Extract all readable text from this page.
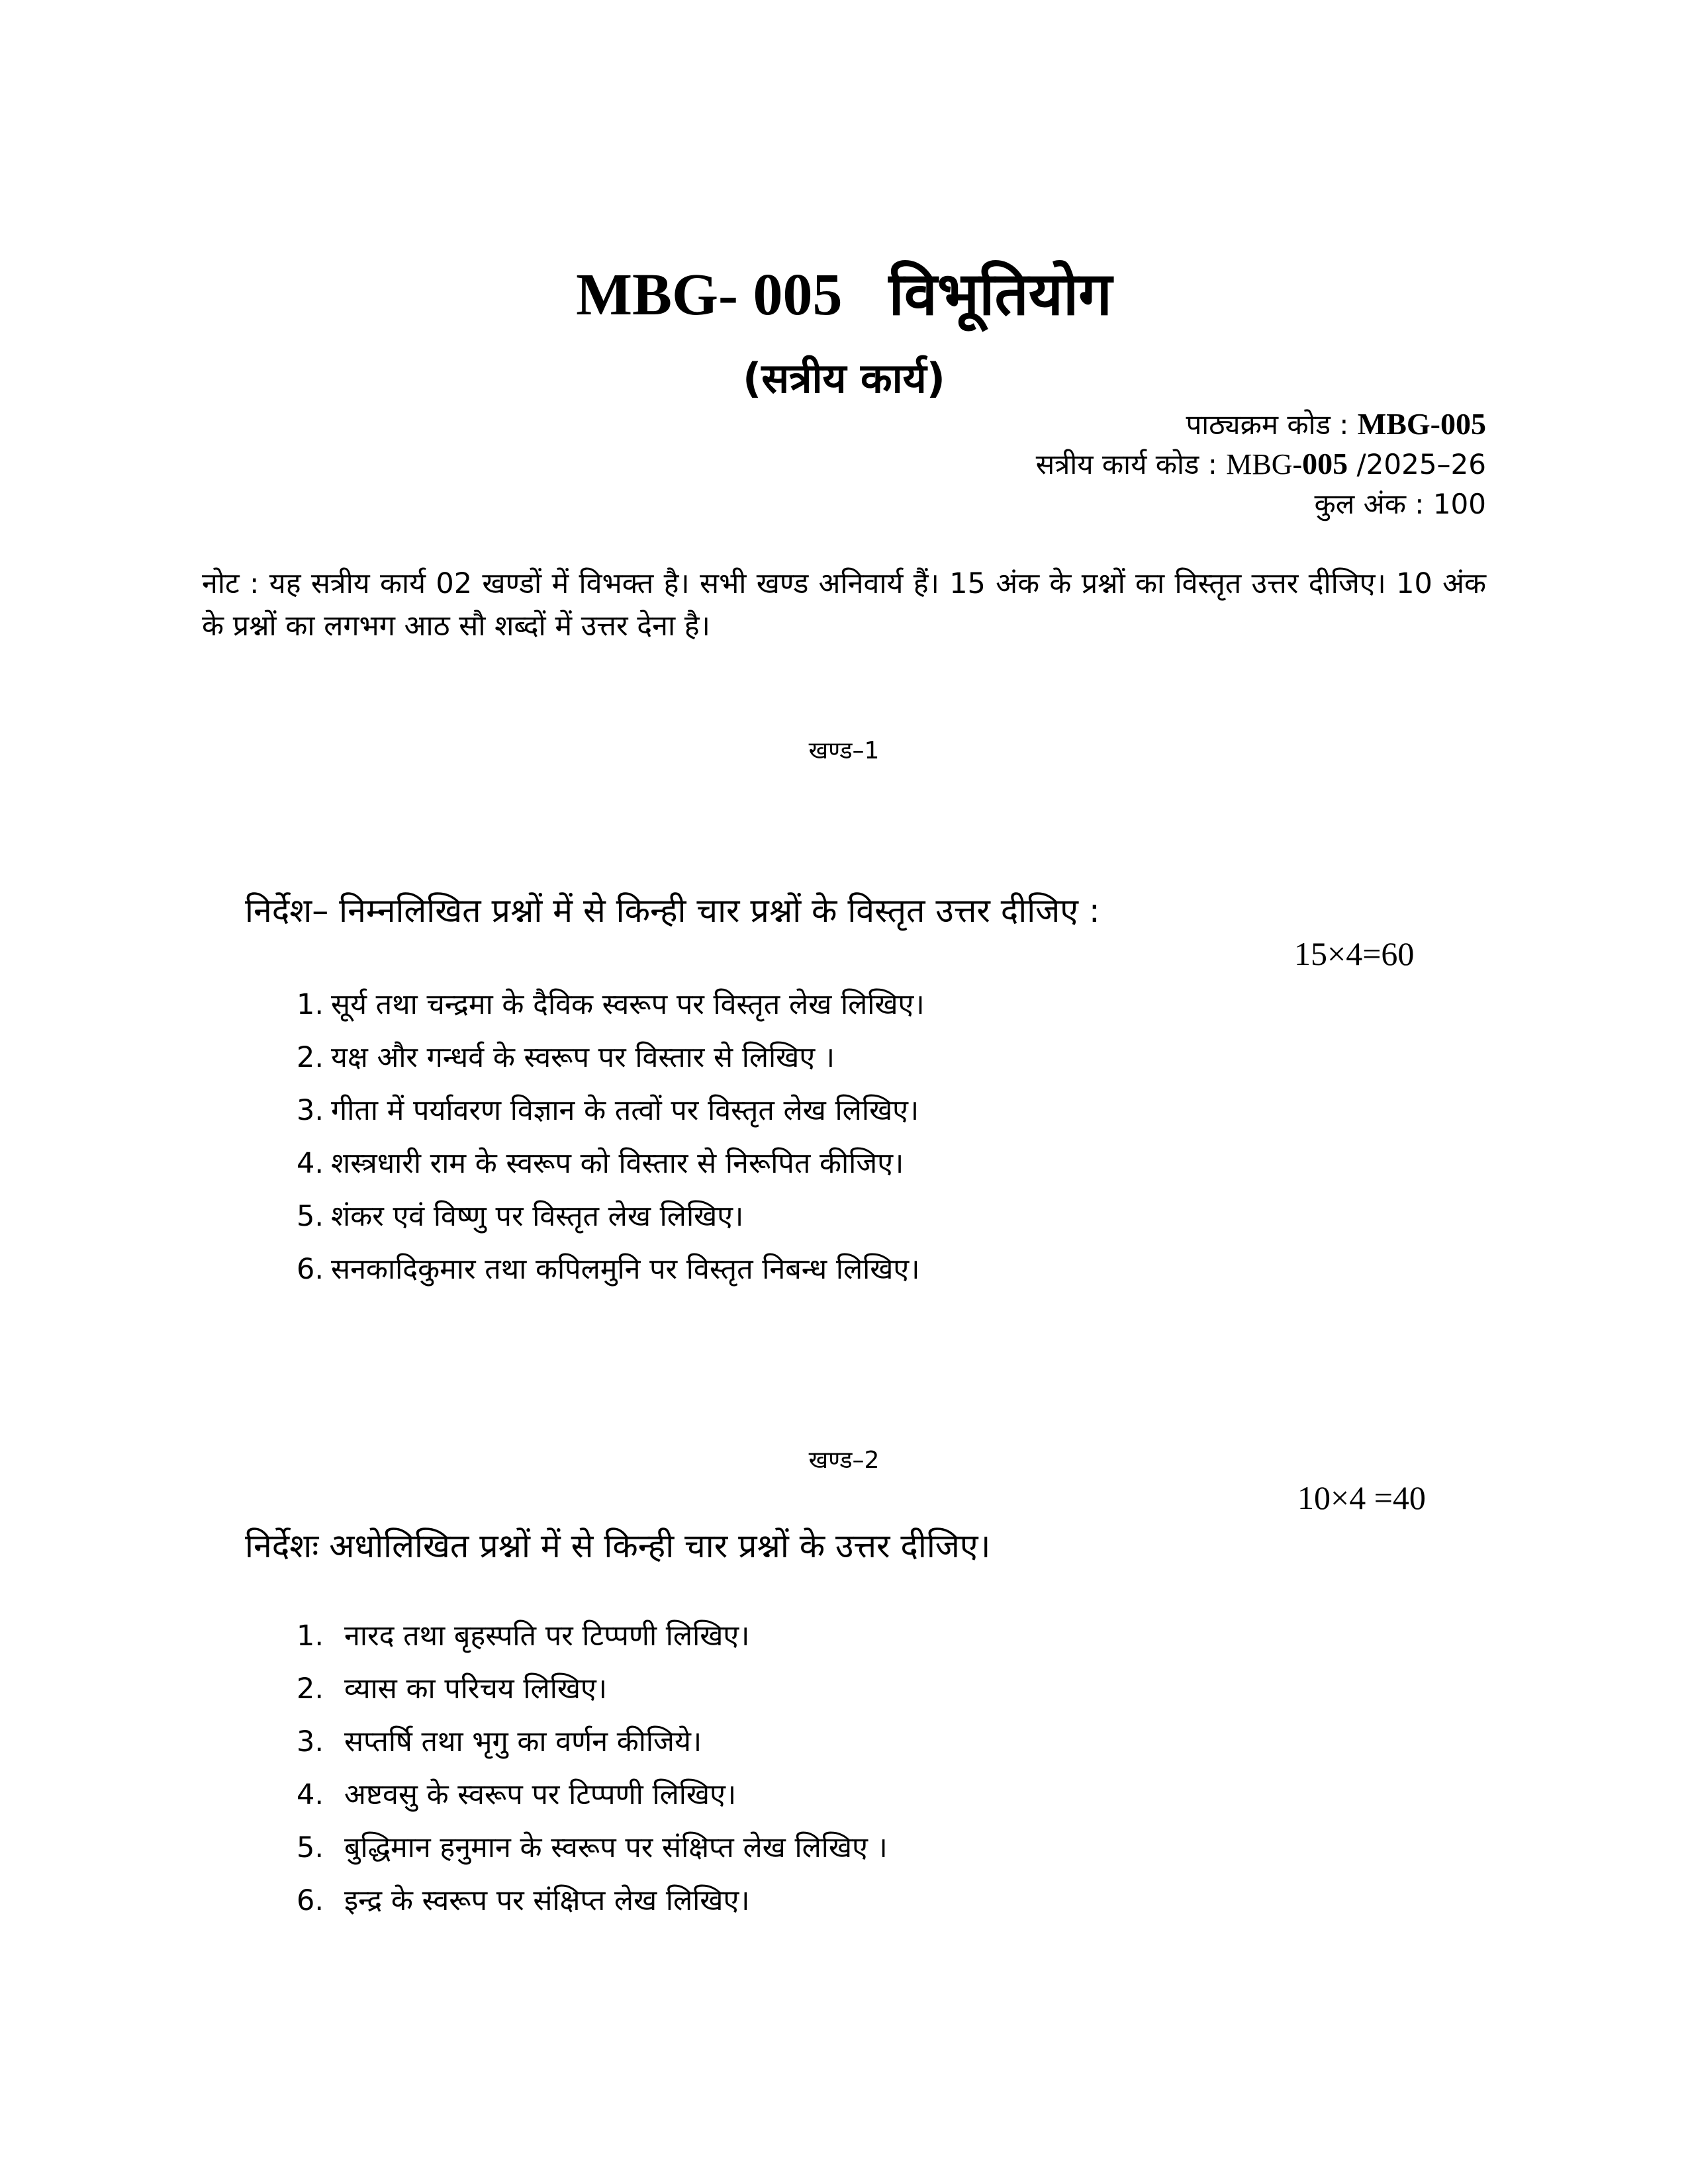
MBG- 005 विभूतियोग
(सत्रीय कार्य)
पाठ्यक्रम कोड : MBG-005
सत्रीय कार्य कोड : MBG-005 /2025–26
कुल अंक : 100
नोट : यह सत्रीय कार्य 02 खण्डों में विभक्त है। सभी खण्ड अनिवार्य हैं। 15 अंक के प्रश्नों का विस्तृत उत्तर दीजिए। 10 अंक के प्रश्नों का लगभग आठ सौ शब्दों में उत्तर देना है।
खण्ड–1
निर्देश– निम्नलिखित प्रश्नों में से किन्ही चार प्रश्नों के विस्तृत उत्तर दीजिए :
15×4=60
1. सूर्य तथा चन्द्रमा के दैविक स्वरूप पर विस्तृत लेख लिखिए।
2. यक्ष और गन्धर्व के स्वरूप पर विस्तार से लिखिए ।
3. गीता में पर्यावरण विज्ञान के तत्वों पर विस्तृत लेख लिखिए।
4. शस्त्रधारी राम के स्वरूप को विस्तार से निरूपित कीजिए।
5. शंकर एवं विष्णु पर विस्तृत लेख लिखिए।
6. सनकादिकुमार तथा कपिलमुनि पर विस्तृत निबन्ध लिखिए।
खण्ड–2
10×4 =40
निर्देशः अधोलिखित प्रश्नों में से किन्ही चार प्रश्नों के उत्तर दीजिए।
1. नारद तथा बृहस्पति पर टिप्पणी लिखिए।
2. व्यास का परिचय लिखिए।
3. सप्तर्षि तथा भृगु का वर्णन कीजिये।
4. अष्टवसु के स्वरूप पर टिप्पणी लिखिए।
5. बुद्धिमान हनुमान के स्वरूप पर संक्षिप्त लेख लिखिए ।
6. इन्द्र के स्वरूप पर संक्षिप्त लेख लिखिए।
